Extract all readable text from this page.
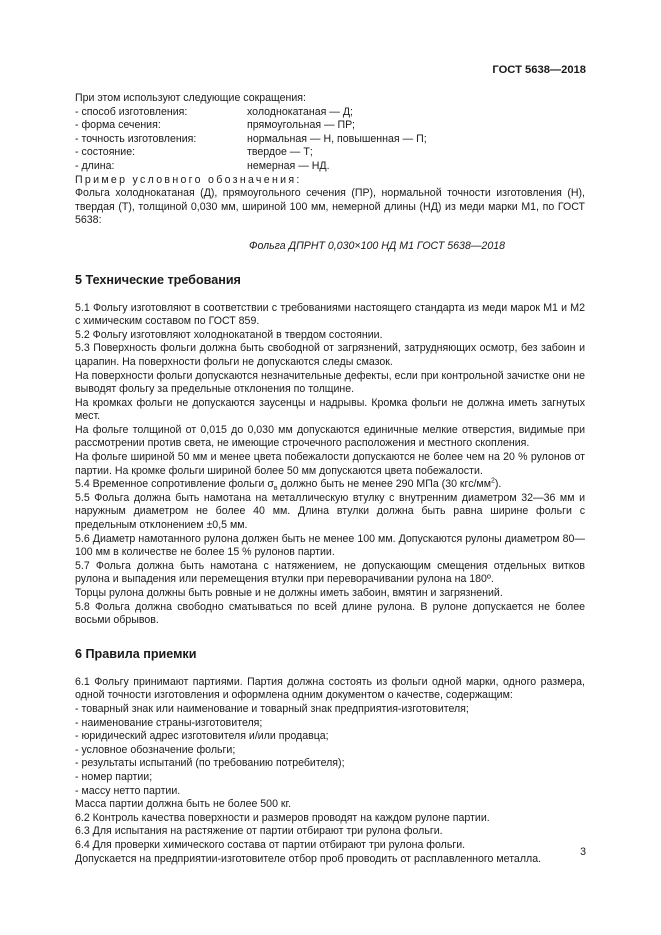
ГОСТ 5638—2018

При этом используют следующие сокращения:

- способ изготовления:	холоднокатаная — Д;
- форма сечения:	прямоугольная — ПР;
- точность изготовления:	нормальная — Н, повышенная — П;
- состояние:	твердое — Т;
- длина:	немерная — НД.

Пример условного обозначения:

Фольга холоднокатаная (Д), прямоугольного сечения (ПР), нормальной точности изготовления (Н), твердая (Т), толщиной 0,030 мм, шириной 100 мм, немерной длины (НД) из меди марки М1, по ГОСТ 5638:

Фольга ДПРНТ 0,030×100 НД М1 ГОСТ 5638—2018

5 Технические требования

5.1 Фольгу изготовляют в соответствии с требованиями настоящего стандарта из меди марок М1 и М2 с химическим составом по ГОСТ 859.

5.2 Фольгу изготовляют холоднокатаной в твердом состоянии.

5.3 Поверхность фольги должна быть свободной от загрязнений, затрудняющих осмотр, без забоин и царапин. На поверхности фольги не допускаются следы смазок.

На поверхности фольги допускаются незначительные дефекты, если при контрольной зачистке они не выводят фольгу за предельные отклонения по толщине.

На кромках фольги не допускаются заусенцы и надрывы. Кромка фольги не должна иметь загнутых мест.

На фольге толщиной от 0,015 до 0,030 мм допускаются единичные мелкие отверстия, видимые при рассмотрении против света, не имеющие строчечного расположения и местного скопления.

На фольге шириной 50 мм и менее цвета побежалости допускаются не более чем на 20 % рулонов от партии. На кромке фольги шириной более 50 мм допускаются цвета побежалости.

5.4 Временное сопротивление фольги $\sigma_в$ должно быть не менее 290 МПа (30 кгс/$мм^2$).

5.5 Фольга должна быть намотана на металлическую втулку с внутренним диаметром 32—36 мм и наружным диаметром не более 40 мм. Длина втулки должна быть равна ширине фольги с предельным отклонением ±0,5 мм.

5.6 Диаметр намотанного рулона должен быть не менее 100 мм. Допускаются рулоны диаметром 80—100 мм в количестве не более 15 % рулонов партии.

5.7 Фольга должна быть намотана с натяжением, не допускающим смещения отдельных витков рулона и выпадения или перемещения втулки при переворачивании рулона на 180º.

Торцы рулона должны быть ровные и не должны иметь забоин, вмятин и загрязнений.

5.8 Фольга должна свободно сматываться по всей длине рулона. В рулоне допускается не более восьми обрывов.

6 Правила приемки

6.1 Фольгу принимают партиями. Партия должна состоять из фольги одной марки, одного размера, одной точности изготовления и оформлена одним документом о качестве, содержащим:

- товарный знак или наименование и товарный знак предприятия-изготовителя;

- наименование страны-изготовителя;

- юридический адрес изготовителя и/или продавца;

- условное обозначение фольги;

- результаты испытаний (по требованию потребителя);

- номер партии;

- массу нетто партии.

Масса партии должна быть не более 500 кг.

6.2 Контроль качества поверхности и размеров проводят на каждом рулоне партии.

6.3 Для испытания на растяжение от партии отбирают три рулона фольги.

6.4 Для проверки химического состава от партии отбирают три рулона фольги.

Допускается на предприятии-изготовителе отбор проб проводить от расплавленного металла.

3
